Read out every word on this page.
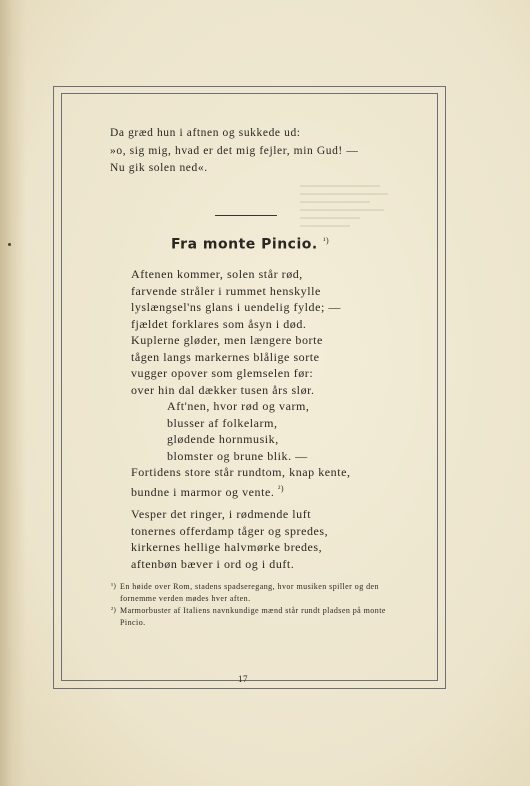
Da græd hun i aftnen og sukkede ud:
»o, sig mig, hvad er det mig fejler, min Gud! —
Nu gik solen ned«.
Fra monte Pincio. $^{^1)}$
Aftenen kommer, solen står rød,
farvende stråler i rummet henskylle
lyslængsel'ns glans i uendelig fylde; —
fjældet forklares som åsyn i død.
Kuplerne gløder, men længere borte
tågen langs markernes blålige sorte
vugger opover som glemselen før:
over hin dal dækker tusen års slør.
Aft'nen, hvor rød og varm,
blusser af folkelarm,
glødende hornmusik,
blomster og brune blik. —
Fortidens store står rundtom, knap kente,
bundne i marmor og vente. $^{^2)}$
Vesper det ringer, i rødmende luft
tonernes offerdamp tåger og spredes,
kirkernes hellige halvmørke bredes,
aftenbøn bæver i ord og i duft.
¹) En høide over Rom, stadens spadseregang, hvor musiken spiller og den fornemme verden mødes hver aften.
²) Marmorbuster af Italiens navnkundige mænd står rundt pladsen på monte Pincio.
17
